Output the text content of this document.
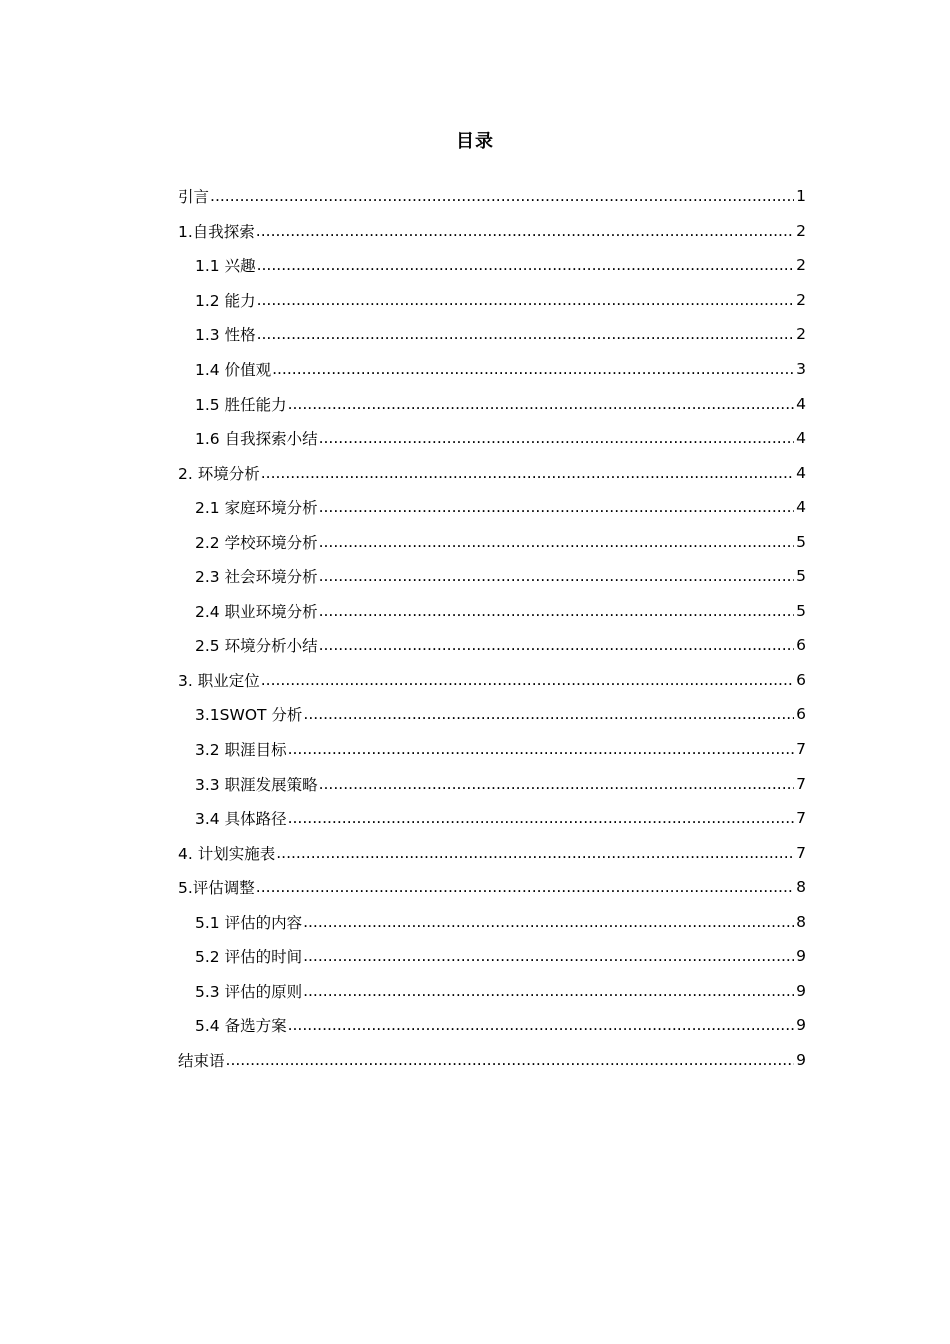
目录
引言 .....	1
1.自我探索 .....	2
1.1 兴趣 .....	2
1.2 能力 .....	2
1.3 性格 .....	2
1.4 价值观 .....	3
1.5 胜任能力 .....	4
1.6 自我探索小结 .....	4
2. 环境分析 .....	4
2.1 家庭环境分析 .....	4
2.2 学校环境分析 .....	5
2.3 社会环境分析 .....	5
2.4 职业环境分析 .....	5
2.5 环境分析小结 .....	6
3. 职业定位 .....	6
3.1SWOT 分析 .....	6
3.2 职涯目标 .....	7
3.3 职涯发展策略 .....	7
3.4 具体路径 .....	7
4. 计划实施表 .....	7
5.评估调整 .....	8
5.1 评估的内容 .....	8
5.2 评估的时间 .....	9
5.3 评估的原则 .....	9
5.4 备选方案 .....	9
结束语 .....	9
